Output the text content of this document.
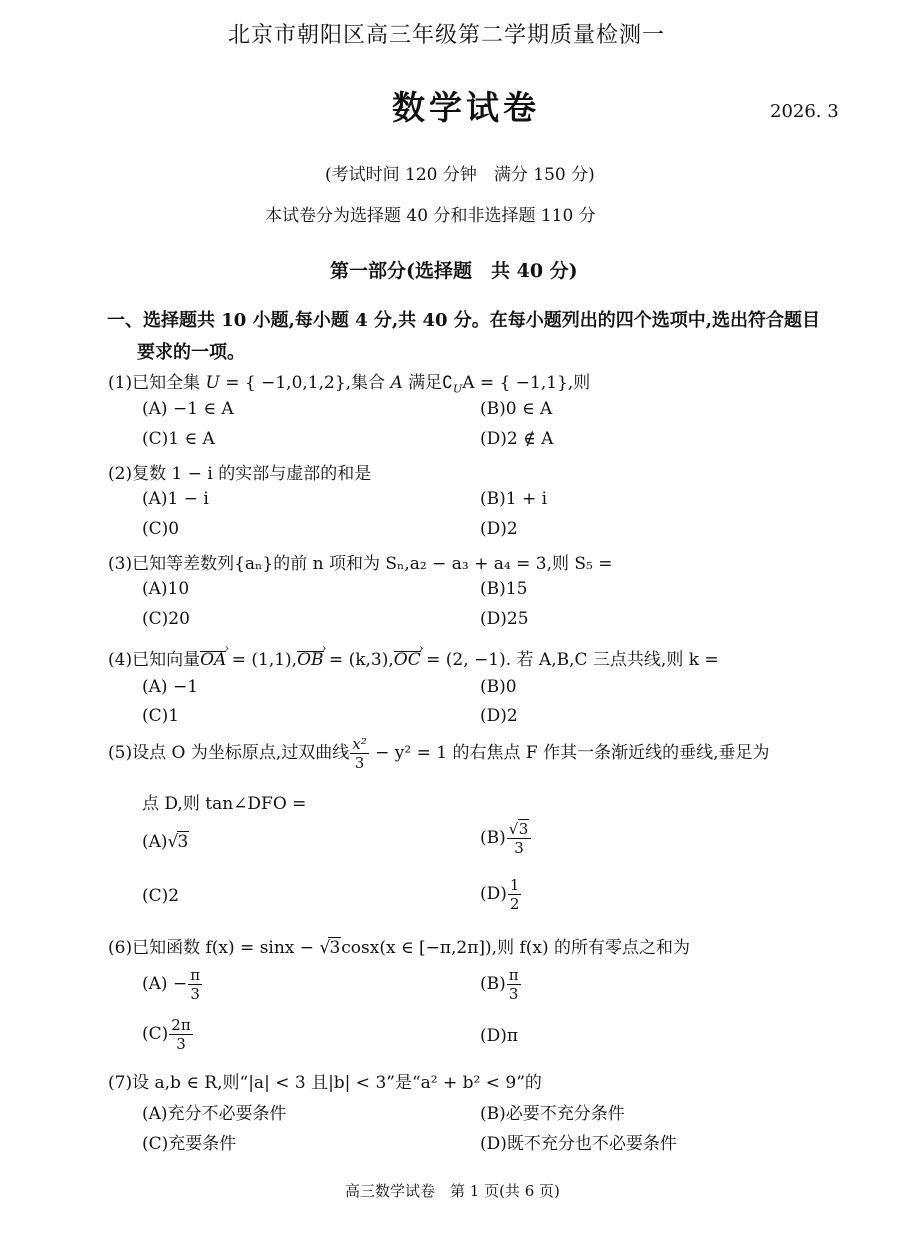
北京市朝阳区高三年级第二学期质量检测一
数学试卷	2026. 3
(考试时间 120 分钟　满分 150 分)
本试卷分为选择题 40 分和非选择题 110 分
第一部分(选择题　共 40 分)
一、选择题共 10 小题,每小题 4 分,共 40 分。在每小题列出的四个选项中,选出符合题目
要求的一项。
(1)已知全集 U = { −1,0,1,2},集合 A 满足$∁_UA$ = { −1,1},则
(A) −1 ∈ A	(B)0 ∈ A
(C)1 ∈ A	(D)2 ∉ A
(2)复数 1 − i 的实部与虚部的和是
(A)1 − i	(B)1 + i
(C)0	(D)2
(3)已知等差数列{aₙ}的前 n 项和为 Sₙ,a₂ − a₃ + a₄ = 3,则 S₅ =
(A)10	(B)15
(C)20	(D)25
(4)已知向量OA › = (1,1),OB › = (k,3),OC › = (2, −1). 若 A,B,C 三点共线,则 k =
(A) −1	(B)0
(C)1	(D)2
(5)设点 O 为坐标原点,过双曲线 $\frac{\text{x²}}{3} - y^2 = 1$ 的右焦点 F 作其一条渐近线的垂线,垂足为
点 D,则 tan∠DFO =
(A) √ 3	(B) √ $\frac{3}{3}$
(C)2	$(D) \frac{1}{2}$
(6)已知函数 f(x) = sinx − √ 3cosx(x ∈ [−π,2π]),则 f(x) 的所有零点之和为
$(A) - \frac{\pi}{3}$	$(B) \frac{\pi}{3}$
$(C) \frac{2\pi}{3}$	(D)π
(7)设 a,b ∈ R,则“|a| < 3 且|b| < 3”是“a² + b² < 9”的
(A)充分不必要条件	(B)必要不充分条件
(C)充要条件	(D)既不充分也不必要条件
高三数学试卷　第 1 页(共 6 页)
